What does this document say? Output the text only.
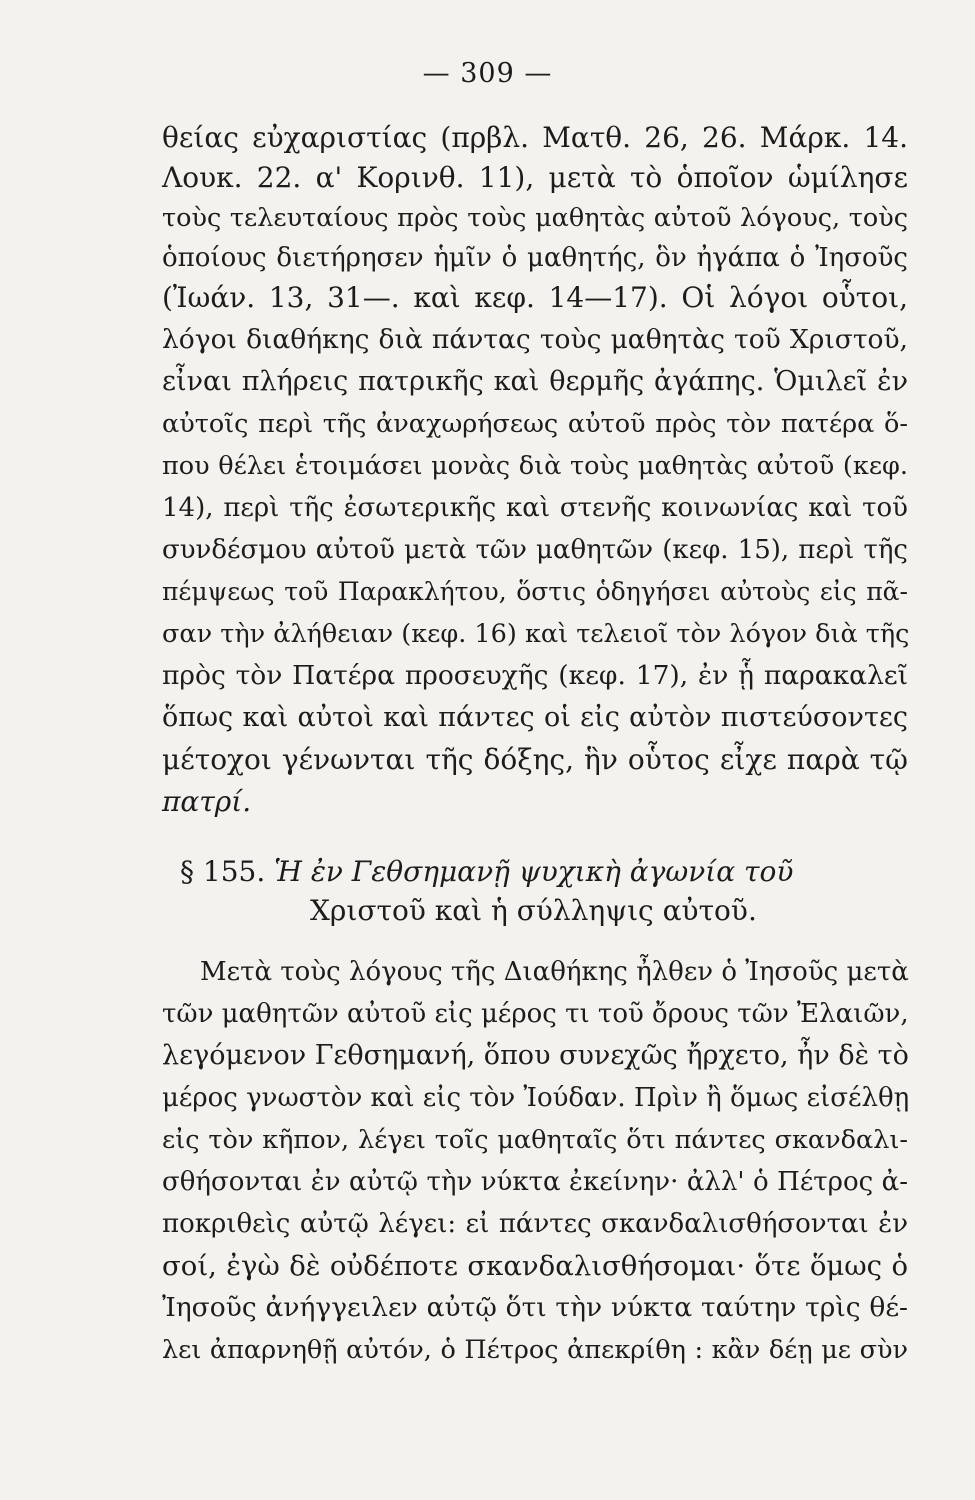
— 309 —
θείας εὐχαριστίας (πρβλ. Ματθ. 26, 26. Μάρκ. 14.
Λουκ. 22. α' Κορινθ. 11), μετὰ τὸ ὁποῖον ὡμίλησε
τοὺς τελευταίους πρὸς τοὺς μαθητὰς αὐτοῦ λόγους, τοὺς
ὁποίους διετήρησεν ἡμῖν ὁ μαθητής, ὃν ἠγάπα ὁ Ἰησοῦς
(Ἰωάν. 13, 31—. καὶ κεφ. 14—17). Οἱ λόγοι οὗτοι,
λόγοι διαθήκης διὰ πάντας τοὺς μαθητὰς τοῦ Χριστοῦ,
εἶναι πλήρεις πατρικῆς καὶ θερμῆς ἀγάπης. Ὁμιλεῖ ἐν
αὐτοῖς περὶ τῆς ἀναχωρήσεως αὐτοῦ πρὸς τὸν πατέρα ὅ-
που θέλει ἑτοιμάσει μονὰς διὰ τοὺς μαθητὰς αὐτοῦ (κεφ.
14), περὶ τῆς ἐσωτερικῆς καὶ στενῆς κοινωνίας καὶ τοῦ
συνδέσμου αὐτοῦ μετὰ τῶν μαθητῶν (κεφ. 15), περὶ τῆς
πέμψεως τοῦ Παρακλήτου, ὅστις ὁδηγήσει αὐτοὺς εἰς πᾶ-
σαν τὴν ἀλήθειαν (κεφ. 16) καὶ τελειοῖ τὸν λόγον διὰ τῆς
πρὸς τὸν Πατέρα προσευχῆς (κεφ. 17), ἐν ᾗ παρακαλεῖ
ὅπως καὶ αὐτοὶ καὶ πάντες οἱ εἰς αὐτὸν πιστεύσοντες
μέτοχοι γένωνται τῆς δόξης, ἣν οὗτος εἶχε παρὰ τῷ
πατρί.
§ 155. Ἡ ἐν Γεθσημανῇ ψυχικὴ ἀγωνία τοῦ
Χριστοῦ καὶ ἡ σύλληψις αὐτοῦ.
Μετὰ τοὺς λόγους τῆς Διαθήκης ἦλθεν ὁ Ἰησοῦς μετὰ
τῶν μαθητῶν αὐτοῦ εἰς μέρος τι τοῦ ὄρους τῶν Ἐλαιῶν,
λεγόμενον Γεθσημανή, ὅπου συνεχῶς ἤρχετο, ἦν δὲ τὸ
μέρος γνωστὸν καὶ εἰς τὸν Ἰούδαν. Πρὶν ἢ ὅμως εἰσέλθῃ
εἰς τὸν κῆπον, λέγει τοῖς μαθηταῖς ὅτι πάντες σκανδαλι-
σθήσονται ἐν αὐτῷ τὴν νύκτα ἐκείνην· ἀλλ' ὁ Πέτρος ἀ-
ποκριθεὶς αὐτῷ λέγει: εἰ πάντες σκανδαλισθήσονται ἐν
σοί, ἐγὼ δὲ οὐδέποτε σκανδαλισθήσομαι· ὅτε ὅμως ὁ
Ἰησοῦς ἀνήγγειλεν αὐτῷ ὅτι τὴν νύκτα ταύτην τρὶς θέ-
λει ἀπαρνηθῇ αὐτόν, ὁ Πέτρος ἀπεκρίθη : κἂν δέῃ με σὺν
